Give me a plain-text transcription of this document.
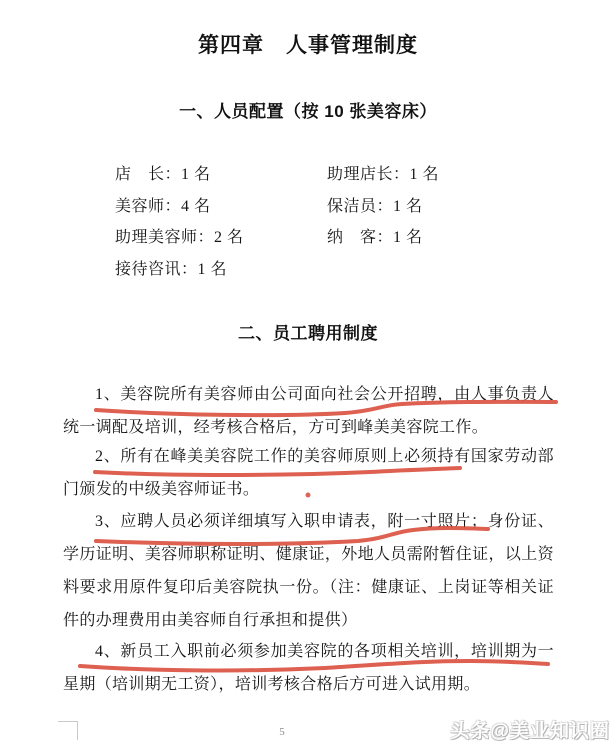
第四章　人事管理制度
一、人员配置（按 10 张美容床）
店　长：1 名
美容师：4 名
助理美容师：2 名
接待咨讯：1 名
助理店长：1 名
保洁员：1 名
纳　客：1 名
二、员工聘用制度

1、美容院所有美容师由公司面向社会公开招聘，由人事负责人统一调配及培训，经考核合格后，方可到峰美美容院工作。

2、所有在峰美美容院工作的美容师原则上必须持有国家劳动部门颁发的中级美容师证书。

3、应聘人员必须详细填写入职申请表，附一寸照片；身份证、学历证明、美容师职称证明、健康证，外地人员需附暂住证，以上资料要求用原件复印后美容院执一份。（注：健康证、上岗证等相关证件的办理费用由美容师自行承担和提供）

4、新员工入职前必须参加美容院的各项相关培训，培训期为一星期（培训期无工资），培训考核合格后方可进入试用期。

5	头条@美业知识圈
